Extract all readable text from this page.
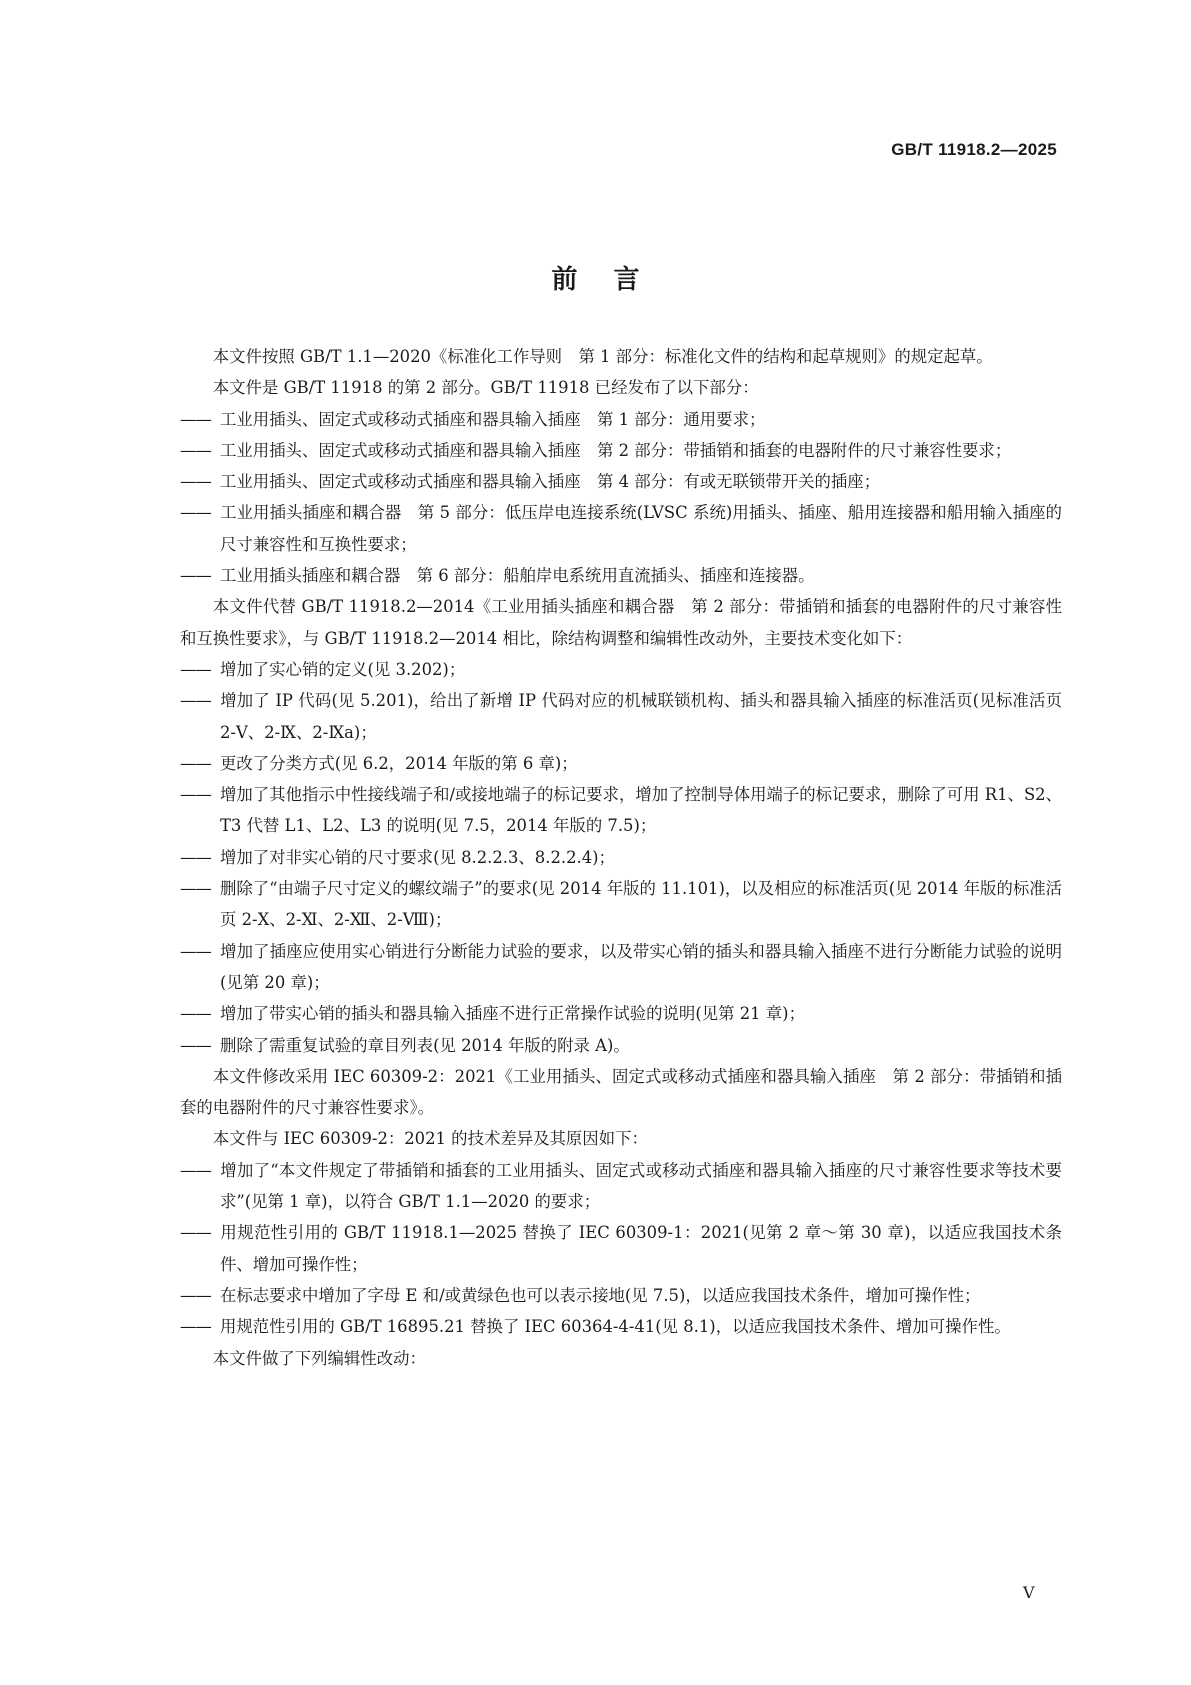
GB/T 11918.2—2025
前言

本文件按照 GB/T 1.1—2020《标准化工作导则　第 1 部分：标准化文件的结构和起草规则》的规定起草。

本文件是 GB/T 11918 的第 2 部分。GB/T 11918 已经发布了以下部分：

—— 工业用插头、固定式或移动式插座和器具输入插座　第 1 部分：通用要求；

—— 工业用插头、固定式或移动式插座和器具输入插座　第 2 部分：带插销和插套的电器附件的尺寸兼容性要求；

—— 工业用插头、固定式或移动式插座和器具输入插座　第 4 部分：有或无联锁带开关的插座；

—— 工业用插头插座和耦合器　第 5 部分：低压岸电连接系统(LVSC 系统)用插头、插座、船用连接器和船用输入插座的尺寸兼容性和互换性要求；

—— 工业用插头插座和耦合器　第 6 部分：船舶岸电系统用直流插头、插座和连接器。

本文件代替 GB/T 11918.2—2014《工业用插头插座和耦合器　第 2 部分：带插销和插套的电器附件的尺寸兼容性和互换性要求》，与 GB/T 11918.2—2014 相比，除结构调整和编辑性改动外，主要技术变化如下：

—— 增加了实心销的定义(见 3.202)；

—— 增加了 IP 代码(见 5.201)，给出了新增 IP 代码对应的机械联锁机构、插头和器具输入插座的标准活页(见标准活页 2-Ⅴ、2-Ⅸ、2-Ⅸa)；

—— 更改了分类方式(见 6.2，2014 年版的第 6 章)；

—— 增加了其他指示中性接线端子和/或接地端子的标记要求，增加了控制导体用端子的标记要求，删除了可用 R1、S2、T3 代替 L1、L2、L3 的说明(见 7.5，2014 年版的 7.5)；

—— 增加了对非实心销的尺寸要求(见 8.2.2.3、8.2.2.4)；

—— 删除了“由端子尺寸定义的螺纹端子”的要求(见 2014 年版的 11.101)，以及相应的标准活页(见 2014 年版的标准活页 2-Ⅹ、2-Ⅺ、2-Ⅻ、2-Ⅷ)；

—— 增加了插座应使用实心销进行分断能力试验的要求，以及带实心销的插头和器具输入插座不进行分断能力试验的说明(见第 20 章)；

—— 增加了带实心销的插头和器具输入插座不进行正常操作试验的说明(见第 21 章)；

—— 删除了需重复试验的章目列表(见 2014 年版的附录 A)。

本文件修改采用 IEC 60309-2：2021《工业用插头、固定式或移动式插座和器具输入插座　第 2 部分：带插销和插套的电器附件的尺寸兼容性要求》。

本文件与 IEC 60309-2：2021 的技术差异及其原因如下：

—— 增加了“本文件规定了带插销和插套的工业用插头、固定式或移动式插座和器具输入插座的尺寸兼容性要求等技术要求”(见第 1 章)，以符合 GB/T 1.1—2020 的要求；

—— 用规范性引用的 GB/T 11918.1—2025 替换了 IEC 60309-1：2021(见第 2 章～第 30 章)，以适应我国技术条件、增加可操作性；

—— 在标志要求中增加了字母 E 和/或黄绿色也可以表示接地(见 7.5)，以适应我国技术条件，增加可操作性；

—— 用规范性引用的 GB/T 16895.21 替换了 IEC 60364-4-41(见 8.1)，以适应我国技术条件、增加可操作性。

本文件做了下列编辑性改动：

Ⅴ
